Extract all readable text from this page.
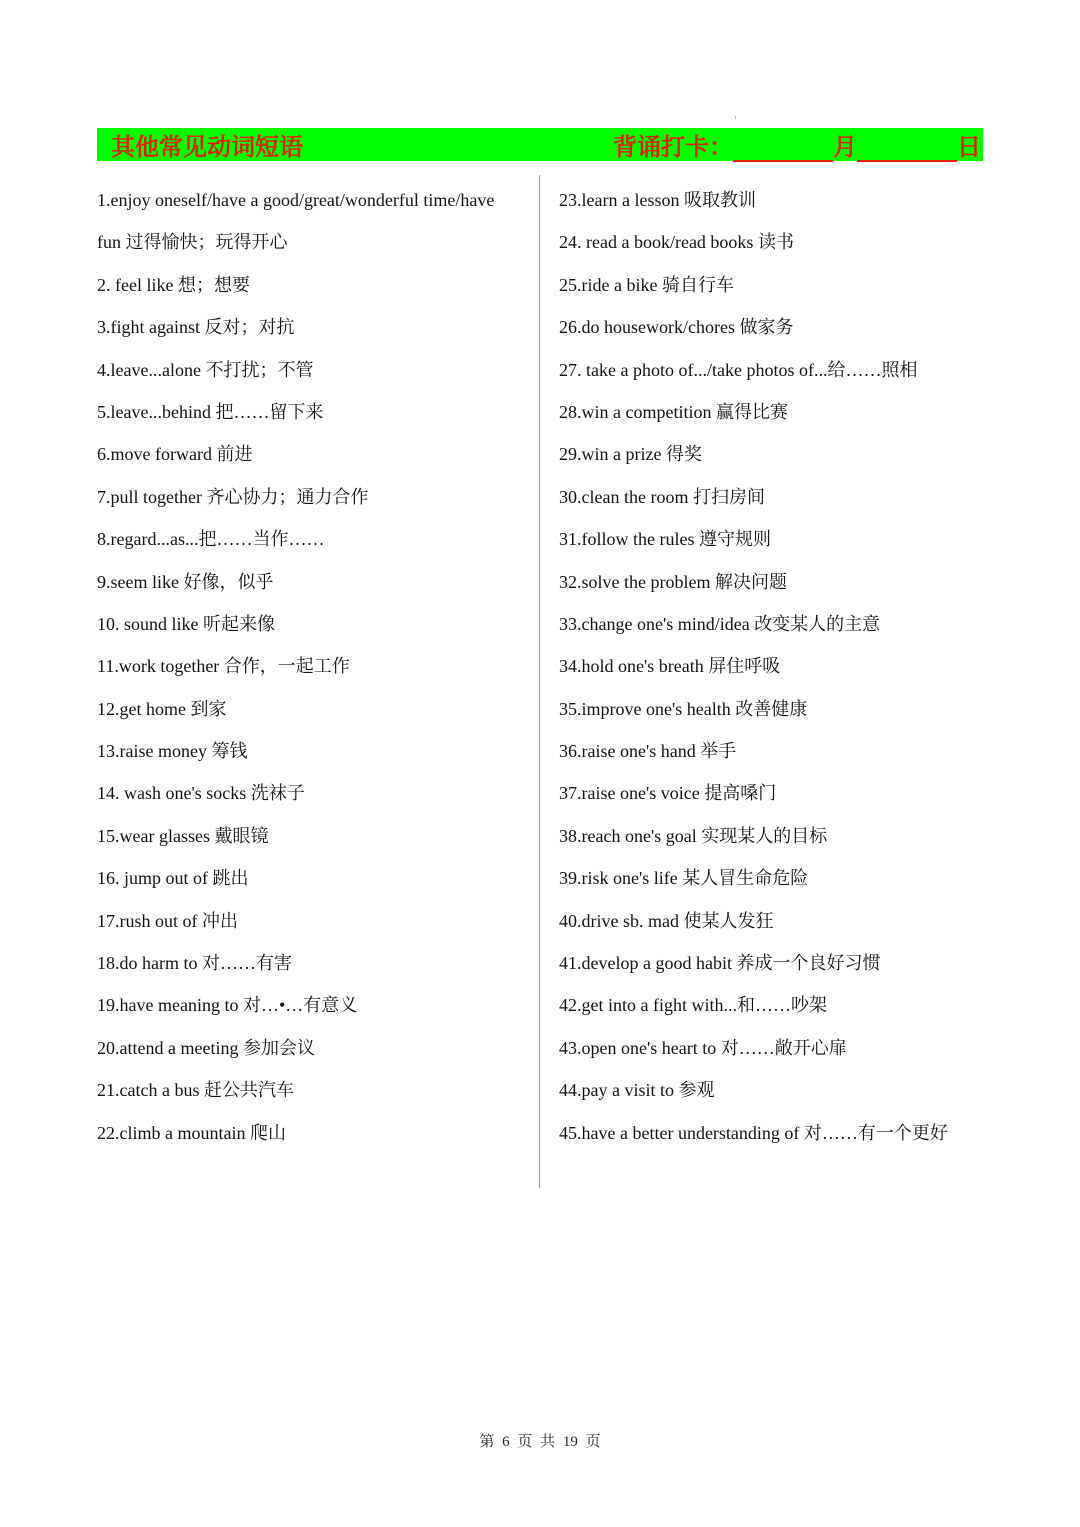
其他常见动词短语	背诵打卡：	月	日
1.enjoy oneself/have a good/great/wonderful time/have
fun 过得愉快；玩得开心
2. feel like 想；想要
3.fight against 反对；对抗
4.leave...alone 不打扰；不管
5.leave...behind 把……留下来
6.move forward 前进
7.pull together 齐心协力；通力合作
8.regard...as...把……当作……
9.seem like 好像，似乎
10. sound like 听起来像
11.work together 合作，一起工作
12.get home 到家
13.raise money 筹钱
14. wash one's socks 洗袜子
15.wear glasses 戴眼镜
16. jump out of 跳出
17.rush out of 冲出
18.do harm to 对……有害
19.have meaning to 对…•…有意义
20.attend a meeting 参加会议
21.catch a bus 赶公共汽车
22.climb a mountain 爬山
23.learn a lesson 吸取教训
24. read a book/read books 读书
25.ride a bike 骑自行车
26.do housework/chores 做家务
27. take a photo of.../take photos of...给……照相
28.win a competition 赢得比赛
29.win a prize 得奖
30.clean the room 打扫房间
31.follow the rules 遵守规则
32.solve the problem 解决问题
33.change one's mind/idea 改变某人的主意
34.hold one's breath 屏住呼吸
35.improve one's health 改善健康
36.raise one's hand 举手
37.raise one's voice 提高嗓门
38.reach one's goal 实现某人的目标
39.risk one's life 某人冒生命危险
40.drive sb. mad 使某人发狂
41.develop a good habit 养成一个良好习惯
42.get into a fight with...和……吵架
43.open one's heart to 对……敞开心扉
44.pay a visit to 参观
45.have a better understanding of 对……有一个更好
第 6 页 共 19 页
